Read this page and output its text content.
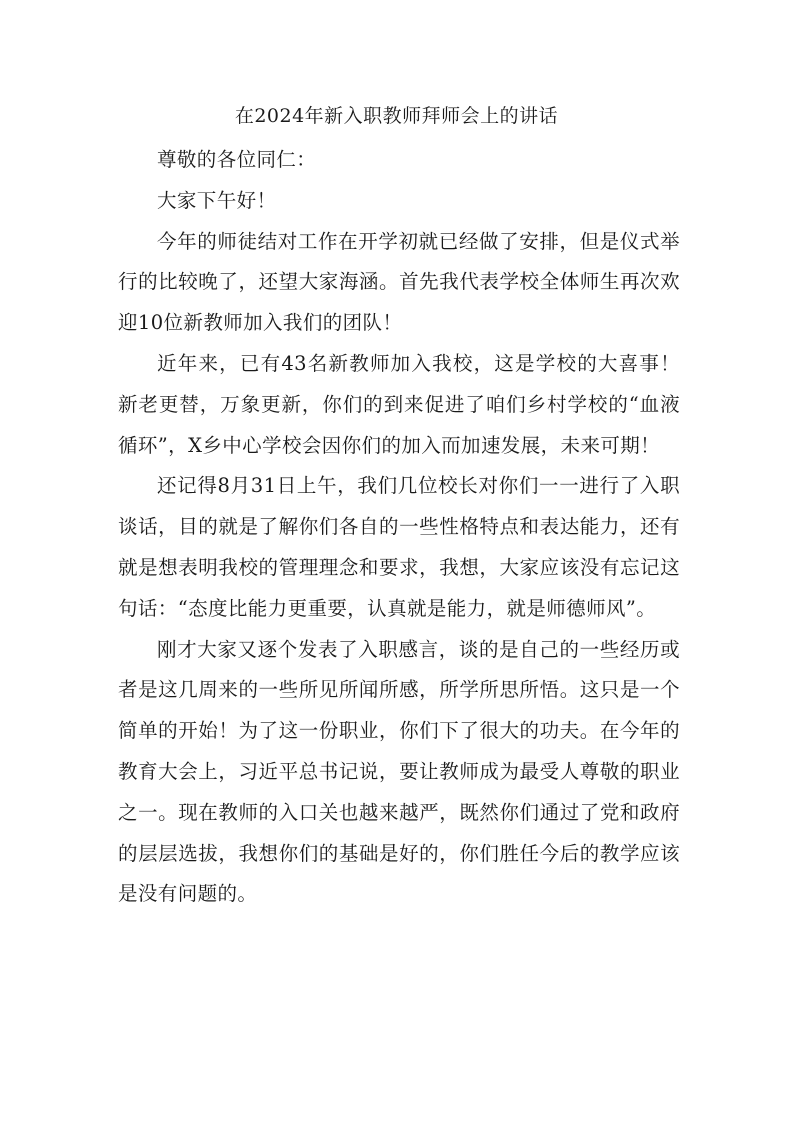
在2024年新入职教师拜师会上的讲话

尊敬的各位同仁：

大家下午好！

今年的师徒结对工作在开学初就已经做了安排，但是仪式举行的比较晚了，还望大家海涵。首先我代表学校全体师生再次欢迎10位新教师加入我们的团队！

近年来，已有43名新教师加入我校，这是学校的大喜事！新老更替，万象更新，你们的到来促进了咱们乡村学校的“血液循环”，X乡中心学校会因你们的加入而加速发展，未来可期！

还记得8月31日上午，我们几位校长对你们一一进行了入职谈话，目的就是了解你们各自的一些性格特点和表达能力，还有就是想表明我校的管理理念和要求，我想，大家应该没有忘记这句话：“态度比能力更重要，认真就是能力，就是师德师风”。

刚才大家又逐个发表了入职感言，谈的是自己的一些经历或者是这几周来的一些所见所闻所感，所学所思所悟。这只是一个简单的开始！为了这一份职业，你们下了很大的功夫。在今年的教育大会上，习近平总书记说，要让教师成为最受人尊敬的职业之一。现在教师的入口关也越来越严，既然你们通过了党和政府的层层选拔，我想你们的基础是好的，你们胜任今后的教学应该是没有问题的。
